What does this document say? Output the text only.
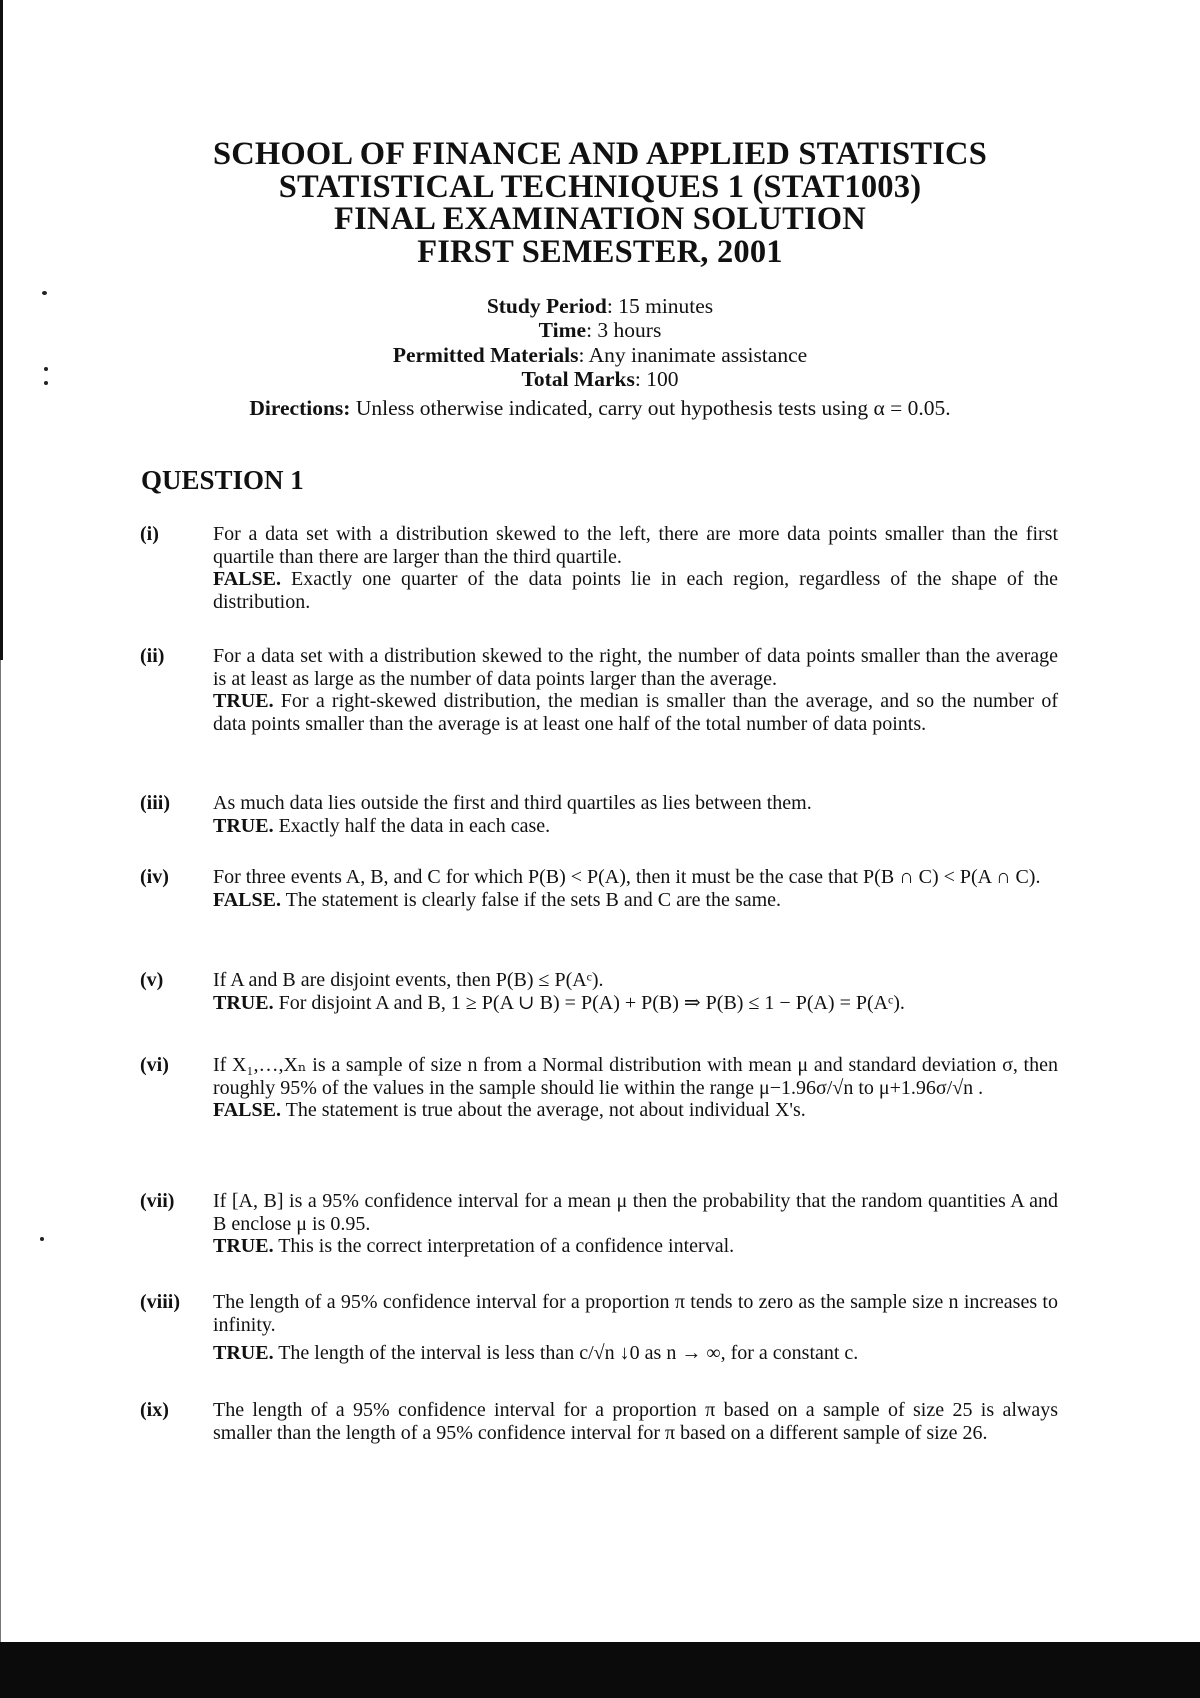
SCHOOL OF FINANCE AND APPLIED STATISTICS
STATISTICAL TECHNIQUES 1 (STAT1003)
FINAL EXAMINATION SOLUTION
FIRST SEMESTER, 2001
Study Period: 15 minutes
Time: 3 hours
Permitted Materials: Any inanimate assistance
Total Marks: 100
Directions: Unless otherwise indicated, carry out hypothesis tests using α = 0.05.
QUESTION 1
(i)	For a data set with a distribution skewed to the left, there are more data points smaller than the first quartile than there are larger than the third quartile.
FALSE. Exactly one quarter of the data points lie in each region, regardless of the shape of the distribution.
(ii) For a data set with a distribution skewed to the right, the number of data points smaller than the average is at least as large as the number of data points larger than the average.
TRUE. For a right-skewed distribution, the median is smaller than the average, and so the number of data points smaller than the average is at least one half of the total number of data points.
(iii) As much data lies outside the first and third quartiles as lies between them.
TRUE. Exactly half the data in each case.
(iv) For three events A, B, and C for which P(B) < P(A), then it must be the case that P(B ∩ C) < P(A ∩ C).
FALSE. The statement is clearly false if the sets B and C are the same.
(v) If A and B are disjoint events, then P(B) ≤ P(Aᶜ).
TRUE. For disjoint A and B, 1 ≥ P(A ∪ B) = P(A) + P(B) ⇒ P(B) ≤ 1 − P(A) = P(Aᶜ).
(vi) If X₁,…,Xₙ is a sample of size n from a Normal distribution with mean μ and standard deviation σ, then roughly 95% of the values in the sample should lie within the range μ−1.96σ/√n to μ+1.96σ/√n .
FALSE. The statement is true about the average, not about individual X's.
(vii) If [A, B] is a 95% confidence interval for a mean μ then the probability that the random quantities A and B enclose μ is 0.95.
TRUE. This is the correct interpretation of a confidence interval.
(viii) The length of a 95% confidence interval for a proportion π tends to zero as the sample size n increases to infinity.
TRUE. The length of the interval is less than c/√n ↓0 as n → ∞, for a constant c.
(ix) The length of a 95% confidence interval for a proportion π based on a sample of size 25 is always smaller than the length of a 95% confidence interval for π based on a different sample of size 26.
